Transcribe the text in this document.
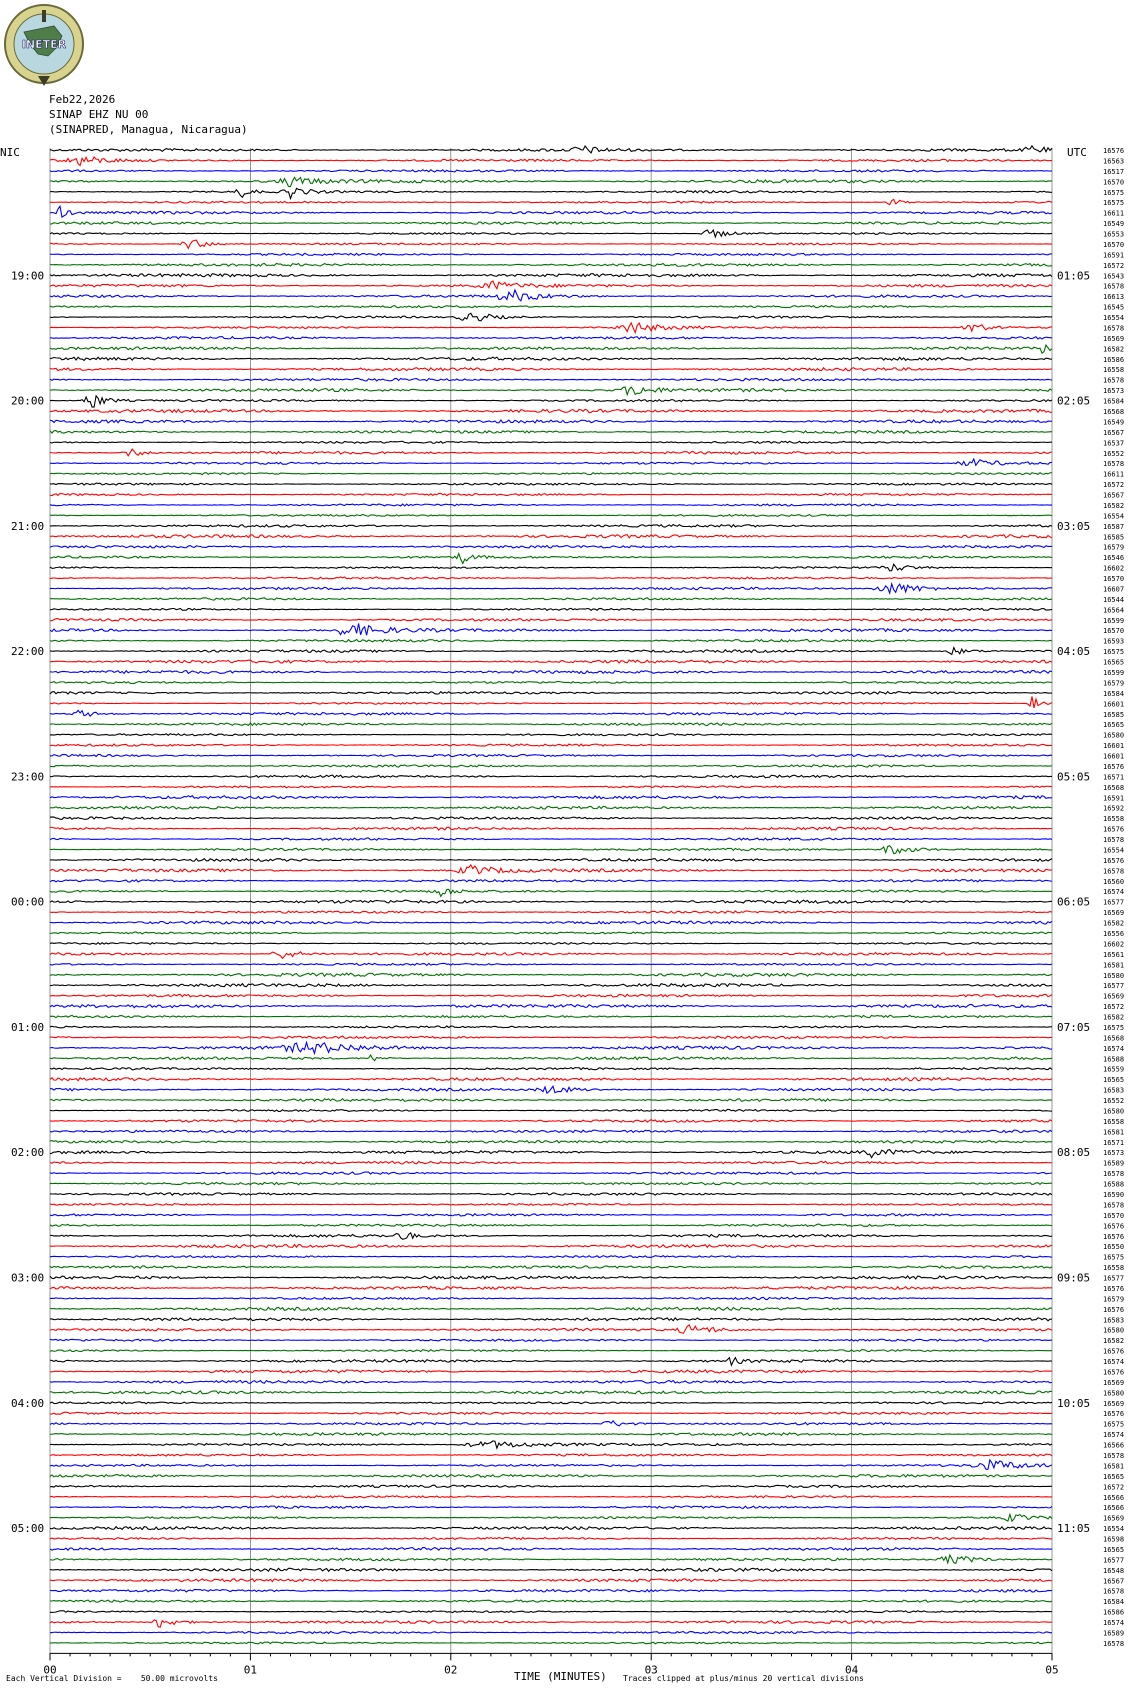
INETER
Feb22,2026
SINAP EHZ NU 00
(SINAPRED, Managua, Nicaragua)
NIC	UTC
19:00
20:00
21:00
22:00
23:00
00:00
01:00
02:00
03:00
04:00
05:00
01:05
02:05
03:05
04:05
05:05
06:05
07:05
08:05
09:05
10:05
11:05
16576
16563
16517
16570
16575
16575
16611
16549
16553
16570
16591
16572
16543
16578
16613
16545
16554
16578
16569
16582
16586
16558
16578
16573
16584
16568
16549
16567
16537
16552
16578
16611
16572
16567
16582
16554
16587
16585
16579
16546
16602
16570
16607
16544
16564
16599
16570
16593
16575
16565
16599
16579
16584
16601
16585
16565
16580
16601
16601
16576
16571
16568
16591
16592
16558
16576
16578
16554
16576
16578
16560
16574
16577
16569
16582
16556
16602
16561
16581
16580
16577
16569
16572
16582
16575
16568
16574
16588
16559
16565
16583
16552
16580
16558
16581
16571
16573
16589
16578
16588
16590
16578
16570
16576
16576
16550
16575
16558
16577
16576
16579
16576
16583
16580
16582
16576
16574
16576
16569
16580
16569
16576
16575
16574
16566
16578
16581
16565
16572
16566
16566
16569
16554
16598
16565
16577
16548
16567
16578
16584
16586
16574
16589
16578
00	01	02	03	04	05
Each Vertical Division =    50.00 microvolts	TIME (MINUTES) Traces clipped at plus/minus 20 vertical divisions
